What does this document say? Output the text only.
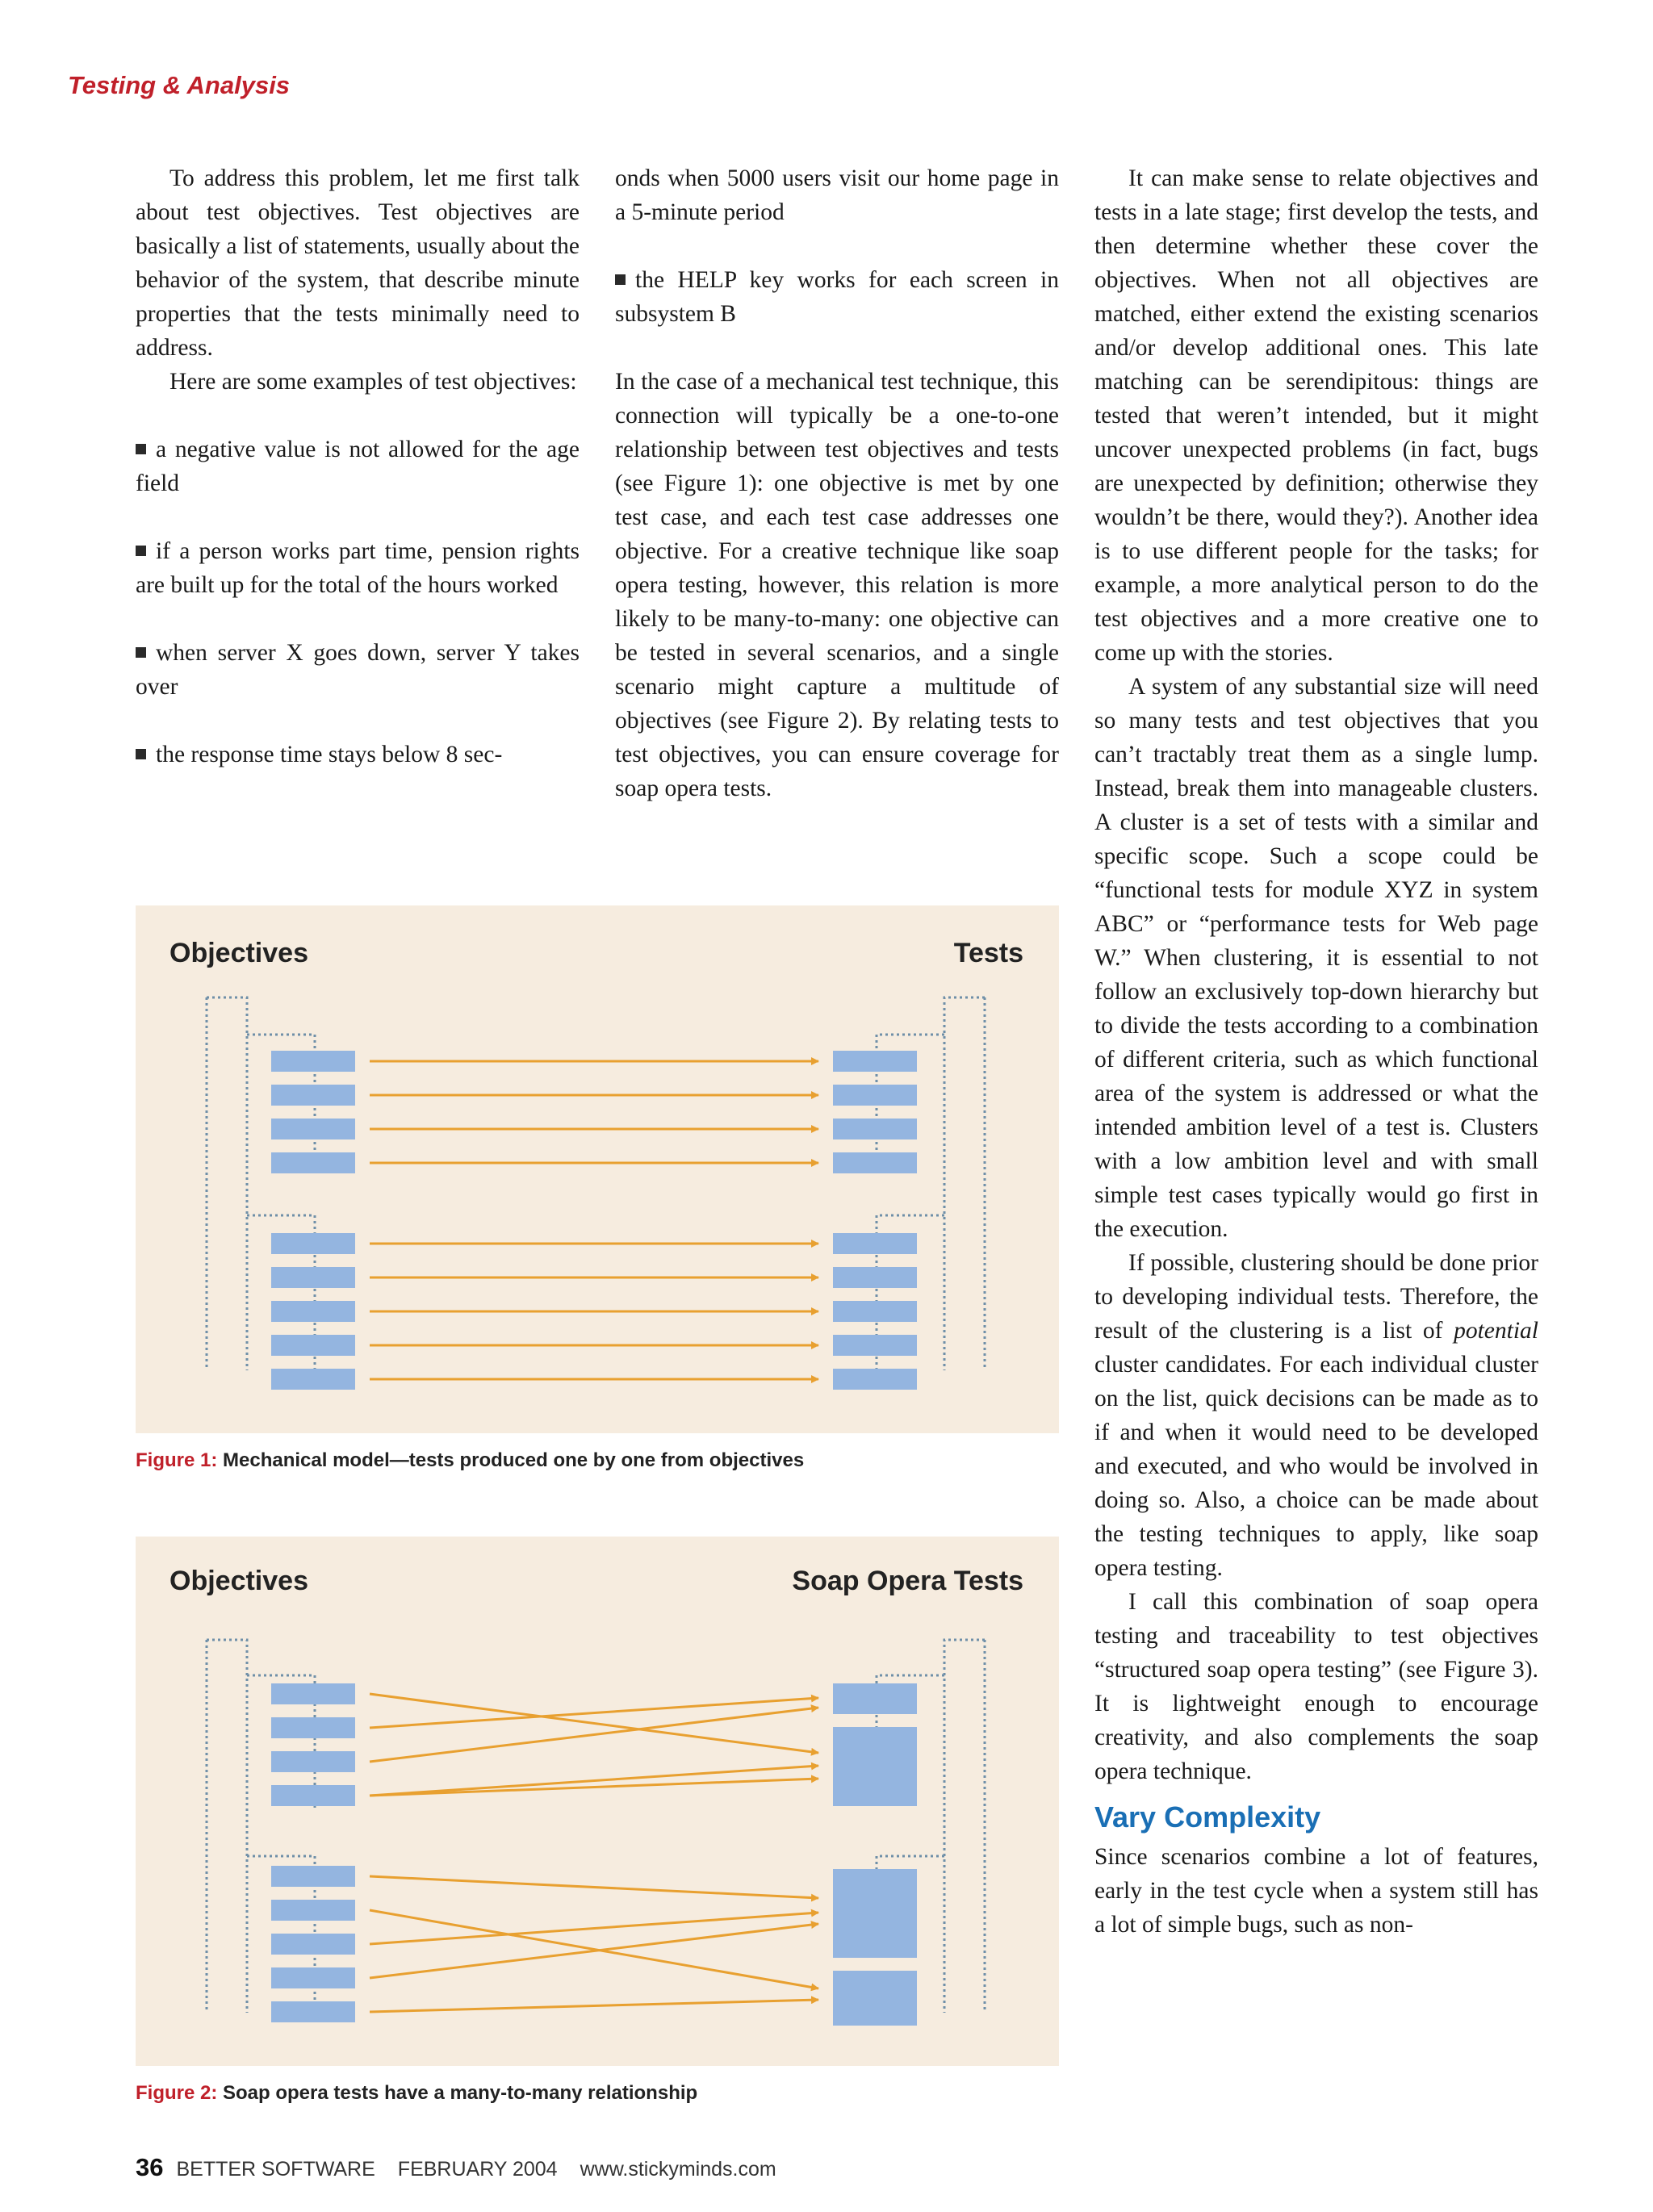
Testing & Analysis

To address this problem, let me first talk about test objectives. Test objectives are basically a list of statements, usually about the behavior of the system, that describe minute properties that the tests minimally need to address.

Here are some examples of test objectives:

a negative value is not allowed for the age field

if a person works part time, pension rights are built up for the total of the hours worked

when server X goes down, server Y takes over

the response time stays below 8 sec-

onds when 5000 users visit our home page in a 5-minute period

the HELP key works for each screen in subsystem B

In the case of a mechanical test technique, this connection will typically be a one-to-one relationship between test objectives and tests (see Figure 1): one objective is met by one test case, and each test case addresses one objective. For a creative technique like soap opera testing, however, this relation is more likely to be many-to-many: one objective can be tested in several scenarios, and a single scenario might capture a multitude of objectives (see Figure 2). By relating tests to test objectives, you can ensure coverage for soap opera tests.

It can make sense to relate objectives and tests in a late stage; first develop the tests, and then determine whether these cover the objectives. When not all objectives are matched, either extend the existing scenarios and/or develop additional ones. This late matching can be serendipitous: things are tested that weren’t intended, but it might uncover unexpected problems (in fact, bugs are unexpected by definition; otherwise they wouldn’t be there, would they?). Another idea is to use different people for the tasks; for example, a more analytical person to do the test objectives and a more creative one to come up with the stories.

A system of any substantial size will need so many tests and test objectives that you can’t tractably treat them as a single lump. Instead, break them into manageable clusters. A cluster is a set of tests with a similar and specific scope. Such a scope could be “functional tests for module XYZ in system ABC” or “performance tests for Web page W.” When clustering, it is essential to not follow an exclusively top-down hierarchy but to divide the tests according to a combination of different criteria, such as which functional area of the system is addressed or what the intended ambition level of a test is. Clusters with a low ambition level and with small simple test cases typically would go first in the execution.

If possible, clustering should be done prior to developing individual tests. Therefore, the result of the clustering is a list of potential cluster candidates. For each individual cluster on the list, quick decisions can be made as to if and when it would need to be developed and executed, and who would be involved in doing so. Also, a choice can be made about the testing techniques to apply, like soap opera testing.

I call this combination of soap opera testing and traceability to test objectives “structured soap opera testing” (see Figure 3). It is lightweight enough to encourage creativity, and also complements the soap opera technique.

Vary Complexity

Since scenarios combine a lot of features, early in the test cycle when a system still has a lot of simple bugs, such as non-

Objectives	Tests
Figure 1: Mechanical model—tests produced one by one from objectives
Objectives	Soap Opera Tests
Figure 2: Soap opera tests have a many-to-many relationship
36 BETTER SOFTWARE FEBRUARY 2004 www.stickyminds.com
